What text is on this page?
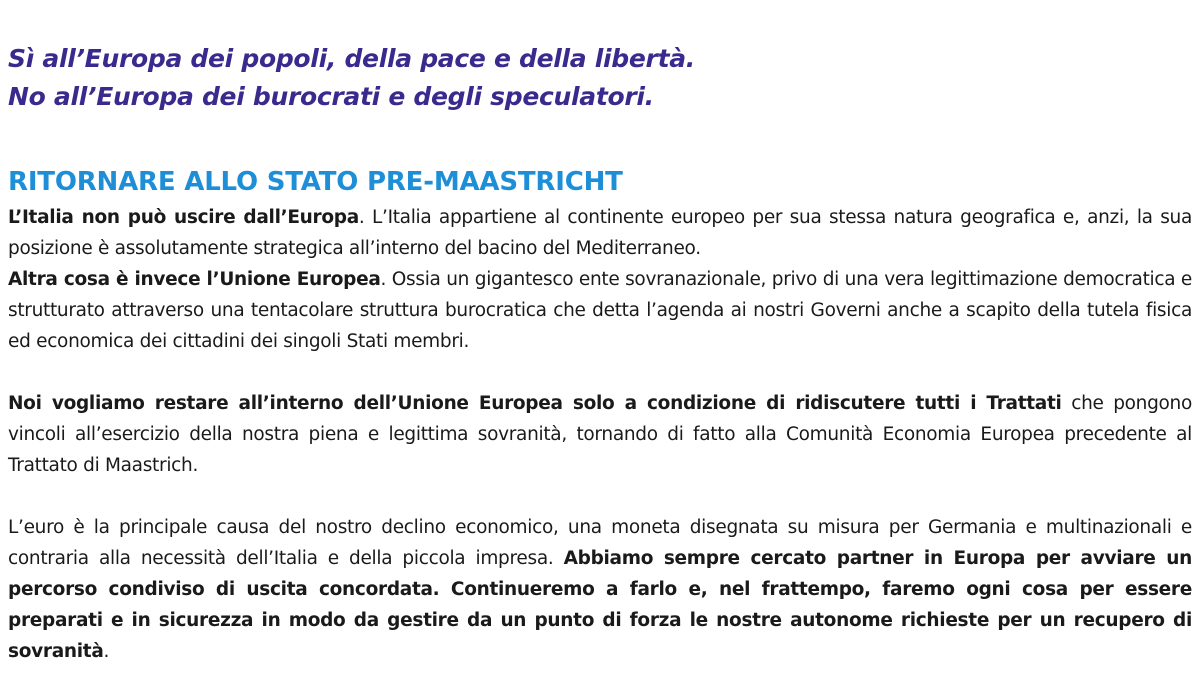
Sì all’Europa dei popoli, della pace e della libertà.
No all’Europa dei burocrati e degli speculatori.
RITORNARE ALLO STATO PRE-MAASTRICHT

L’Italia non può uscire dall’Europa. L’Italia appartiene al continente europeo per sua stessa natura geografica e, anzi, la sua posizione è assolutamente strategica all’interno del bacino del Mediterraneo.
Altra cosa è invece l’Unione Europea. Ossia un gigantesco ente sovranazionale, privo di una vera legittimazione democratica e strutturato attraverso una tentacolare struttura burocratica che detta l’agenda ai nostri Governi anche a scapito della tutela fisica ed economica dei cittadini dei singoli Stati membri.

Noi vogliamo restare all’interno dell’Unione Europea solo a condizione di ridiscutere tutti i Trattati che pongono vincoli all’esercizio della nostra piena e legittima sovranità, tornando di fatto alla Comunità Economia Europea precedente al Trattato di Maastrich.

L’euro è la principale causa del nostro declino economico, una moneta disegnata su misura per Germania e multinazionali e contraria alla necessità dell’Italia e della piccola impresa. Abbiamo sempre cercato partner in Europa per avviare un percorso condiviso di uscita concordata. Continueremo a farlo e, nel frattempo, faremo ogni cosa per essere preparati e in sicurezza in modo da gestire da un punto di forza le nostre autonome richieste per un recupero di sovranità.
